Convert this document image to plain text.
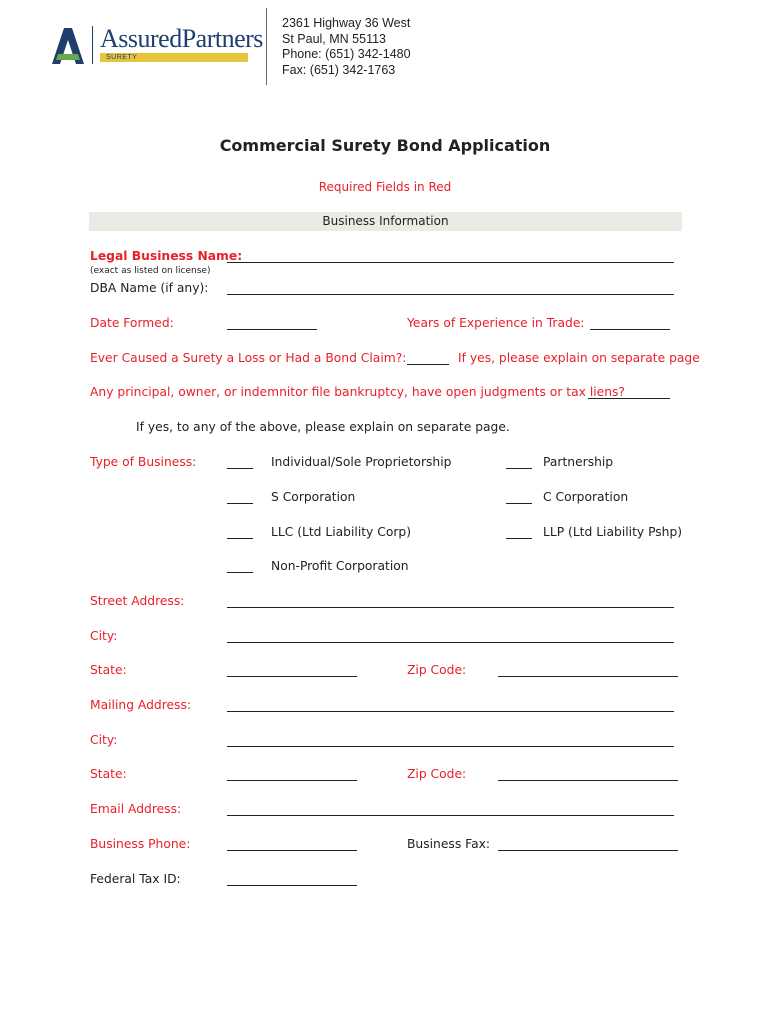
AssuredPartners
SURETY
2361 Highway 36 West
St Paul, MN 55113
Phone: (651) 342-1480
Fax: (651) 342-1763
Commercial Surety Bond Application
Required Fields in Red
Business Information
Legal Business Name:
(exact as listed on license)
DBA Name (if any):
Date Formed:	Years of Experience in Trade:
Ever Caused a Surety a Loss or Had a Bond Claim?:	If yes, please explain on separate page
Any principal, owner, or indemnitor file bankruptcy, have open judgments or tax liens?
If yes, to any of the above, please explain on separate page.
Type of Business:	Individual/Sole Proprietorship	Partnership
S Corporation	C Corporation
LLC (Ltd Liability Corp)	LLP (Ltd Liability Pshp)
Non-Profit Corporation
Street Address:
City:
State:	Zip Code:
Mailing Address:
City:
State:	Zip Code:
Email Address:
Business Phone:	Business Fax:
Federal Tax ID:
